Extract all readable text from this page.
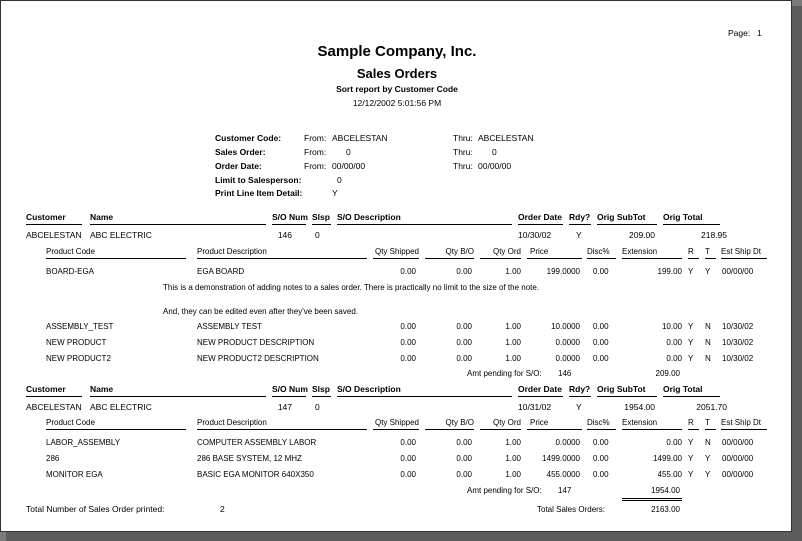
Page: 1
Sample Company, Inc.
Sales Orders
Sort report by Customer Code
12/12/2002 5:01:56 PM
Customer Code:	From: ABCELESTAN	Thru: ABCELESTAN
Sales Order:	From: 0	Thru: 0
Order Date:	From: 00/00/00	Thru: 00/00/00
Limit to Salesperson:	0
Print Line Item Detail:	Y
Customer	Name	S/O Num Slsp S/O Description	Order Date Rdy? Orig SubTot Orig Total
ABCELESTAN ABC ELECTRIC	146	0	10/30/02	Y	209.00	218.95
Product Code	Product Description	Qty Shipped	Qty B/O	Qty Ord Price	Disc% Extension	R T Est Ship Dt
BOARD-EGA	EGA BOARD	0.00	0.00	1.00	199.0000 0.00	199.00 Y Y 00/00/00
This is a demonstration of adding notes to a sales order. There is practically no limit to the size of the note.
And, they can be edited even after they've been saved.
ASSEMBLY_TEST	ASSEMBLY TEST	0.00	0.00	1.00	10.0000 0.00	10.00 Y N 10/30/02
NEW PRODUCT	NEW PRODUCT DESCRIPTION	0.00	0.00	1.00	0.0000 0.00	0.00 Y N 10/30/02
NEW PRODUCT2	NEW PRODUCT2 DESCRIPTION	0.00	0.00	1.00	0.0000 0.00	0.00 Y N 10/30/02
Amt pending for S/O: 146	209.00
Customer	Name	S/O Num Slsp S/O Description	Order Date Rdy? Orig SubTot Orig Total
ABCELESTAN ABC ELECTRIC	147	0	10/31/02	Y	1954.00	2051.70
Product Code	Product Description	Qty Shipped	Qty B/O	Qty Ord Price	Disc% Extension	R T Est Ship Dt
LABOR_ASSEMBLY	COMPUTER ASSEMBLY LABOR	0.00	0.00	1.00	0.0000 0.00	0.00 Y N 00/00/00
286	286 BASE SYSTEM, 12 MHZ	0.00	0.00	1.00	1499.0000 0.00	1499.00 Y Y 00/00/00
MONITOR EGA	BASIC EGA MONITOR 640X350	0.00	0.00	1.00	455.0000 0.00	455.00 Y Y 00/00/00
Amt pending for S/O: 147	1954.00
Total Number of Sales Order printed:	2	Total Sales Orders:	2163.00
